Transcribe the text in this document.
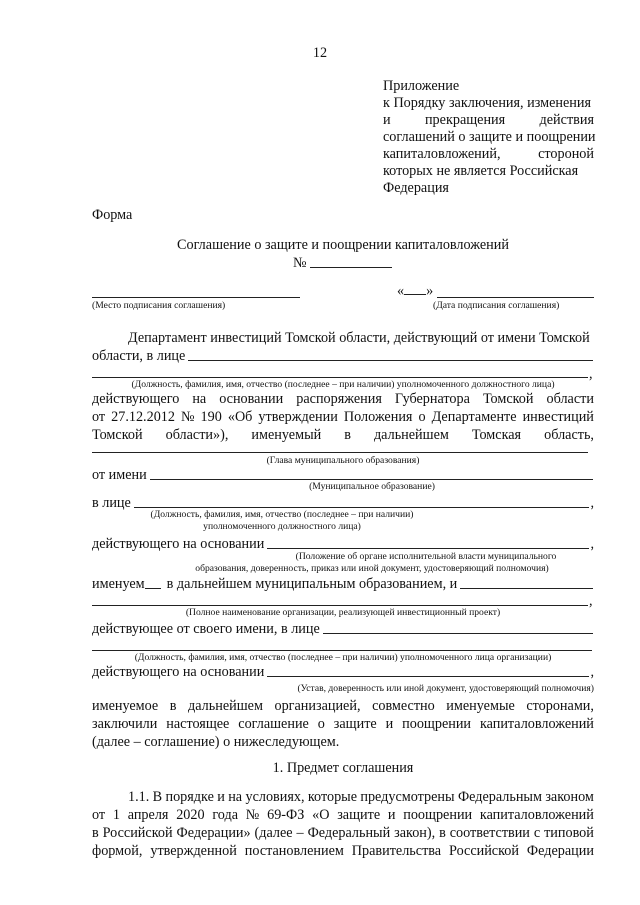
12
Приложение
к Порядку заключения, изменения
и прекращения действия
соглашений о защите и поощрении
капиталовложений,	стороной
которых не является Российская
Федерация
Форма
Соглашение о защите и поощрении капиталовложений
№
(Место подписания соглашения)
« »
(Дата подписания соглашения)
Департамент инвестиций Томской области, действующий от имени Томской
области, в лице
,
(Должность, фамилия, имя, отчество (последнее – при наличии) уполномоченного должностного лица)
действующего на основании распоряжения Губернатора Томской области
от 27.12.2012 № 190 «Об утверждении Положения о Департаменте инвестиций
Томской области»), именуемый в дальнейшем Томская область,
(Глава муниципального образования)
от имени
(Муниципальное образование)
в лице	,
(Должность, фамилия, имя, отчество (последнее – при наличии)
уполномоченного должностного лица)
действующего на основании	,
(Положение об органе исполнительной власти муниципального
образования, доверенность, приказ или иной документ, удостоверяющий полномочия)
именуем в дальнейшем муниципальным образованием, и
,
(Полное наименование организации, реализующей инвестиционный проект)
действующее от своего имени, в лице
(Должность, фамилия, имя, отчество (последнее – при наличии) уполномоченного лица организации)
действующего на основании	,
(Устав, доверенность или иной документ, удостоверяющий полномочия)
именуемое в дальнейшем организацией, совместно именуемые сторонами,
заключили настоящее соглашение о защите и поощрении капиталовложений
(далее – соглашение) о нижеследующем.
1. Предмет соглашения
1.1. В порядке и на условиях, которые предусмотрены Федеральным законом
от 1 апреля 2020 года № 69-ФЗ «О защите и поощрении капиталовложений
в Российской Федерации» (далее – Федеральный закон), в соответствии с типовой
формой, утвержденной постановлением Правительства Российской Федерации
